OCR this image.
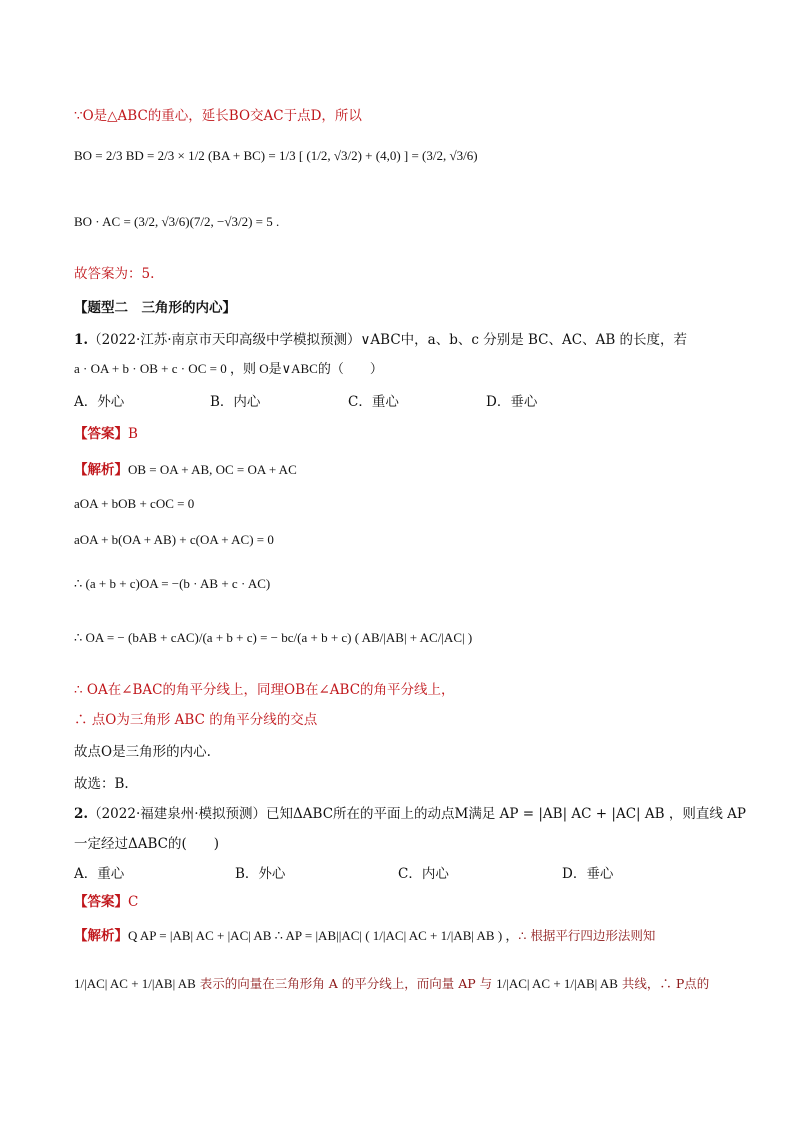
∵O是△ABC的重心，延长BO交AC于点D，所以
BO = 2/3 BD = 2/3 × 1/2 (BA + BC) = 1/3 [ (1/2, √3/2) + (4,0) ] = (3/2, √3/6)
BO · AC = (3/2, √3/6)(7/2, −√3/2) = 5 .
故答案为：5.
【题型二　三角形的内心】
1.（2022·江苏·南京市天印高级中学模拟预测）∨ABC中，a、b、c 分别是 BC、AC、AB 的长度，若
a · OA + b · OB + c · OC = 0 ，则 O是∨ABC的（　　）
A．外心	B．内心	C．重心	D．垂心
【答案】B
【解析】OB = OA + AB, OC = OA + AC
aOA + bOB + cOC = 0
aOA + b(OA + AB) + c(OA + AC) = 0
∴ (a + b + c)OA = −(b · AB + c · AC)
∴ OA = − (bAB + cAC)/(a + b + c) = − bc/(a + b + c) ( AB/|AB| + AC/|AC| )
∴ OA在∠BAC的角平分线上，同理OB在∠ABC的角平分线上，
∴ 点O为三角形 ABC 的角平分线的交点
故点O是三角形的内心.
故选：B.
2.（2022·福建泉州·模拟预测）已知ΔABC所在的平面上的动点M满足 AP = |AB| AC + |AC| AB ，则直线 AP
一定经过ΔABC的(　　)
A．重心	B．外心	C．内心	D．垂心
【答案】C
【解析】Q AP = |AB| AC + |AC| AB ∴ AP = |AB||AC| ( 1/|AC| AC + 1/|AB| AB ) ，∴ 根据平行四边形法则知
1/|AC| AC + 1/|AB| AB 表示的向量在三角形角 A 的平分线上，而向量 AP 与 1/|AC| AC + 1/|AB| AB 共线，∴ P点的
